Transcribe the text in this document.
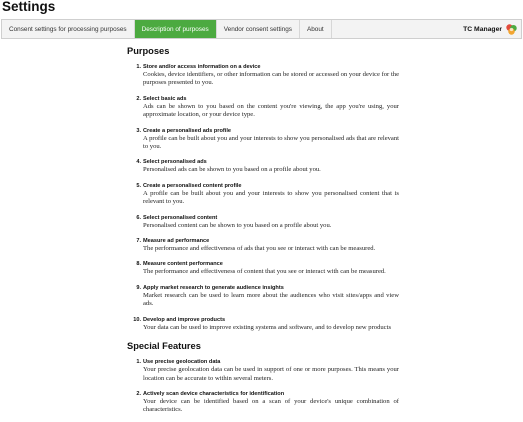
Settings
Consent settings for processing purposes	Description of purposes	Vendor consent settings	About	TC Manager
Purposes
1. Store and/or access information on a device
Cookies, device identifiers, or other information can be stored or accessed on your device for the purposes presented to you.
2. Select basic ads
Ads can be shown to you based on the content you're viewing, the app you're using, your approximate location, or your device type.
3. Create a personalised ads profile
A profile can be built about you and your interests to show you personalised ads that are relevant to you.
4. Select personalised ads
Personalised ads can be shown to you based on a profile about you.
5. Create a personalised content profile
A profile can be built about you and your interests to show you personalised content that is relevant to you.
6. Select personalised content
Personalised content can be shown to you based on a profile about you.
7. Measure ad performance
The performance and effectiveness of ads that you see or interact with can be measured.
8. Measure content performance
The performance and effectiveness of content that you see or interact with can be measured.
9. Apply market research to generate audience insights
Market research can be used to learn more about the audiences who visit sites/apps and view ads.
10. Develop and improve products
Your data can be used to improve existing systems and software, and to develop new products
Special Features
1. Use precise geolocation data
Your precise geolocation data can be used in support of one or more purposes. This means your location can be accurate to within several meters.
2. Actively scan device characteristics for identification
Your device can be identified based on a scan of your device's unique combination of characteristics.
